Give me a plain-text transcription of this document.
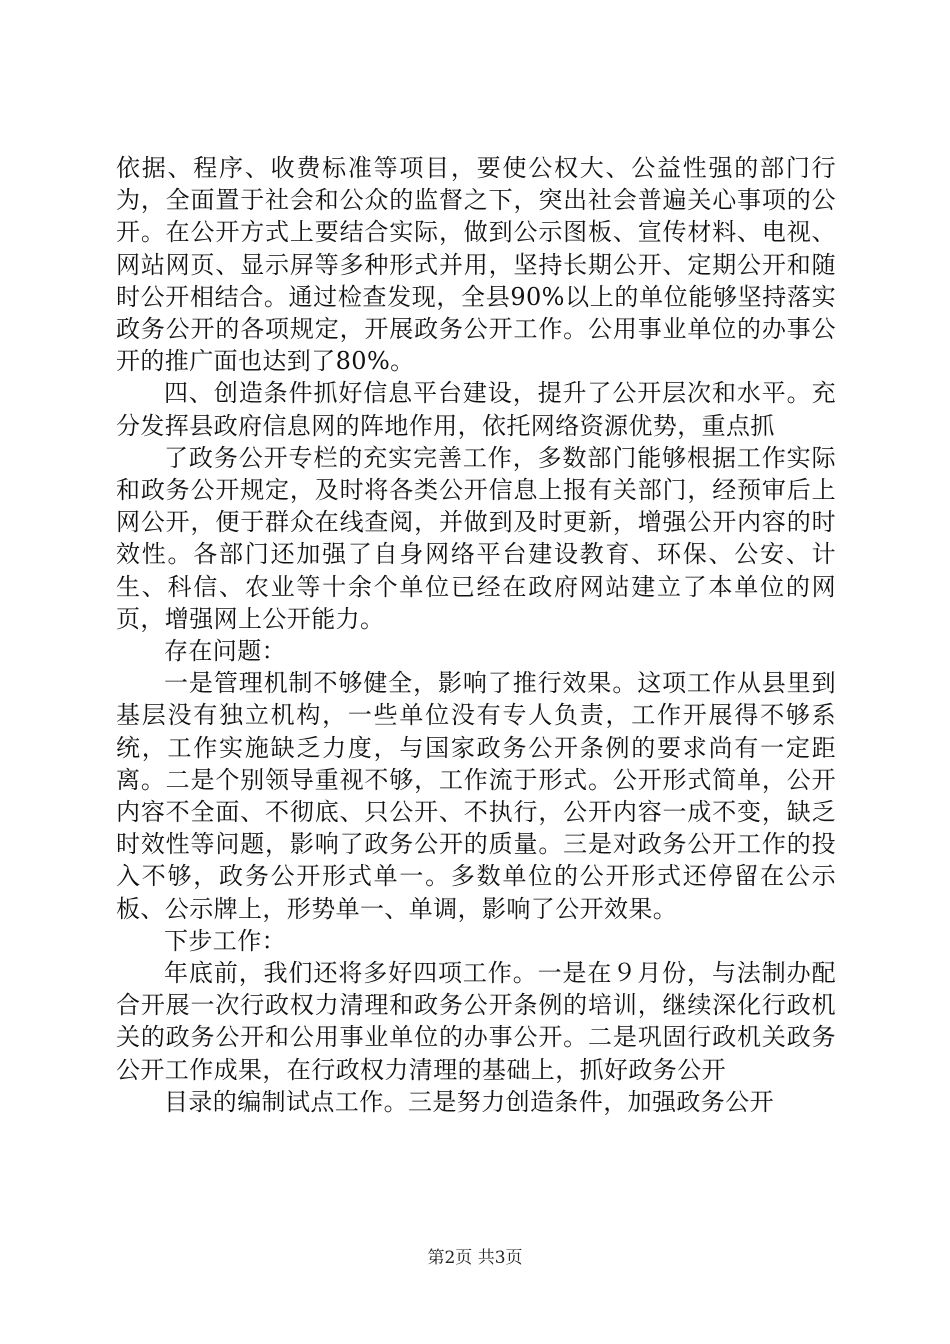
依据、程序、收费标准等项目，要使公权大、公益性强的部门行为，全面置于社会和公众的监督之下，突出社会普遍关心事项的公开。在公开方式上要结合实际，做到公示图板、宣传材料、电视、网站网页、显示屏等多种形式并用，坚持长期公开、定期公开和随时公开相结合。通过检查发现，全县90%以上的单位能够坚持落实政务公开的各项规定，开展政务公开工作。公用事业单位的办事公开的推广面也达到了80%。

四、创造条件抓好信息平台建设，提升了公开层次和水平。充分发挥县政府信息网的阵地作用，依托网络资源优势，重点抓

了政务公开专栏的充实完善工作，多数部门能够根据工作实际和政务公开规定，及时将各类公开信息上报有关部门，经预审后上网公开，便于群众在线查阅，并做到及时更新，增强公开内容的时效性。各部门还加强了自身网络平台建设教育、环保、公安、计生、科信、农业等十余个单位已经在政府网站建立了本单位的网页，增强网上公开能力。

存在问题：

一是管理机制不够健全，影响了推行效果。这项工作从县里到基层没有独立机构，一些单位没有专人负责，工作开展得不够系统，工作实施缺乏力度，与国家政务公开条例的要求尚有一定距离。二是个别领导重视不够，工作流于形式。公开形式简单，公开内容不全面、不彻底、只公开、不执行，公开内容一成不变，缺乏时效性等问题，影响了政务公开的质量。三是对政务公开工作的投入不够，政务公开形式单一。多数单位的公开形式还停留在公示板、公示牌上，形势单一、单调，影响了公开效果。

下步工作：

年底前，我们还将多好四项工作。一是在９月份，与法制办配合开展一次行政权力清理和政务公开条例的培训，继续深化行政机关的政务公开和公用事业单位的办事公开。二是巩固行政机关政务公开工作成果，在行政权力清理的基础上，抓好政务公开

目录的编制试点工作。三是努力创造条件，加强政务公开

第2页 共3页
